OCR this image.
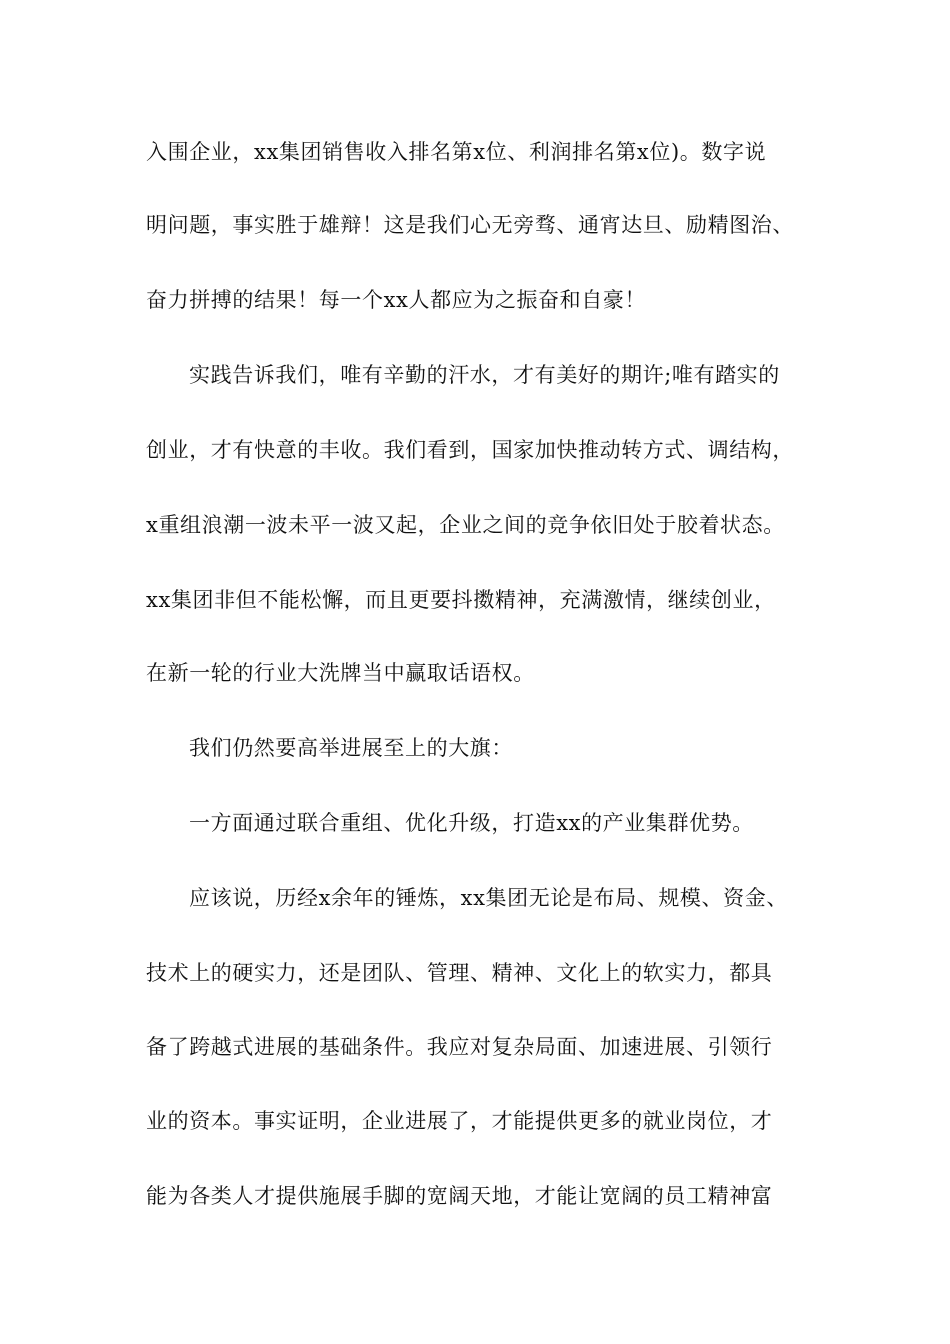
入围企业，xx集团销售收入排名第x位、利润排名第x位)。数字说
明问题，事实胜于雄辩！这是我们心无旁骛、通宵达旦、励精图治、
奋力拼搏的结果！每一个xx人都应为之振奋和自豪！
实践告诉我们，唯有辛勤的汗水，才有美好的期许;唯有踏实的
创业，才有快意的丰收。我们看到，国家加快推动转方式、调结构，
x重组浪潮一波未平一波又起，企业之间的竞争依旧处于胶着状态。
xx集团非但不能松懈，而且更要抖擞精神，充满激情，继续创业，
在新一轮的行业大洗牌当中赢取话语权。
我们仍然要高举进展至上的大旗：
一方面通过联合重组、优化升级，打造xx的产业集群优势。
应该说，历经x余年的锤炼，xx集团无论是布局、规模、资金、
技术上的硬实力，还是团队、管理、精神、文化上的软实力，都具
备了跨越式进展的基础条件。我应对复杂局面、加速进展、引领行
业的资本。事实证明，企业进展了，才能提供更多的就业岗位，才
能为各类人才提供施展手脚的宽阔天地，才能让宽阔的员工精神富
